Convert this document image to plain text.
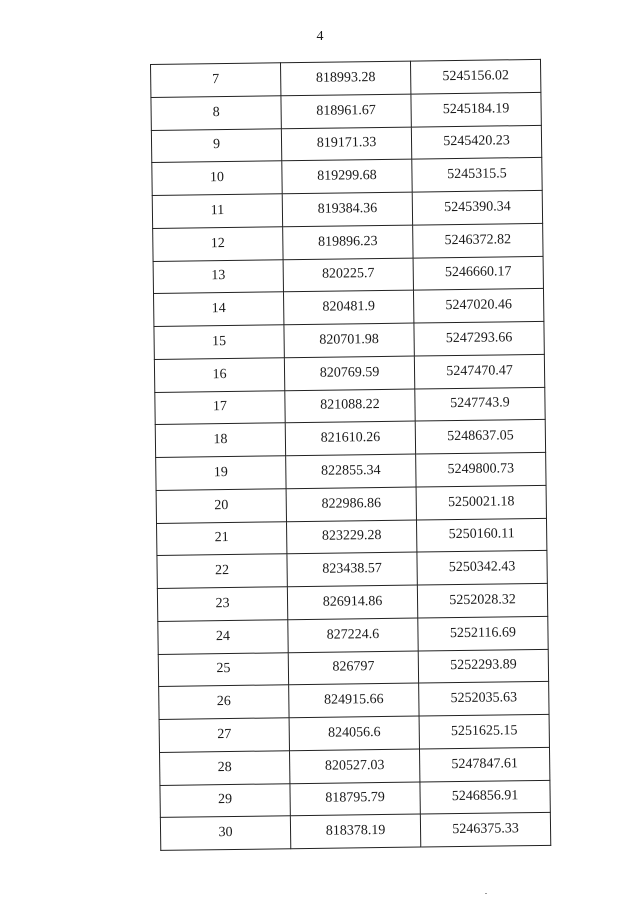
4
7	818993.28	5245156.02
8	818961.67	5245184.19
9	819171.33	5245420.23
10	819299.68	5245315.5
11	819384.36	5245390.34
12	819896.23	5246372.82
13	820225.7	5246660.17
14	820481.9	5247020.46
15	820701.98	5247293.66
16	820769.59	5247470.47
17	821088.22	5247743.9
18	821610.26	5248637.05
19	822855.34	5249800.73
20	822986.86	5250021.18
21	823229.28	5250160.11
22	823438.57	5250342.43
23	826914.86	5252028.32
24	827224.6	5252116.69
25	826797	5252293.89
26	824915.66	5252035.63
27	824056.6	5251625.15
28	820527.03	5247847.61
29	818795.79	5246856.91
30	818378.19	5246375.33
